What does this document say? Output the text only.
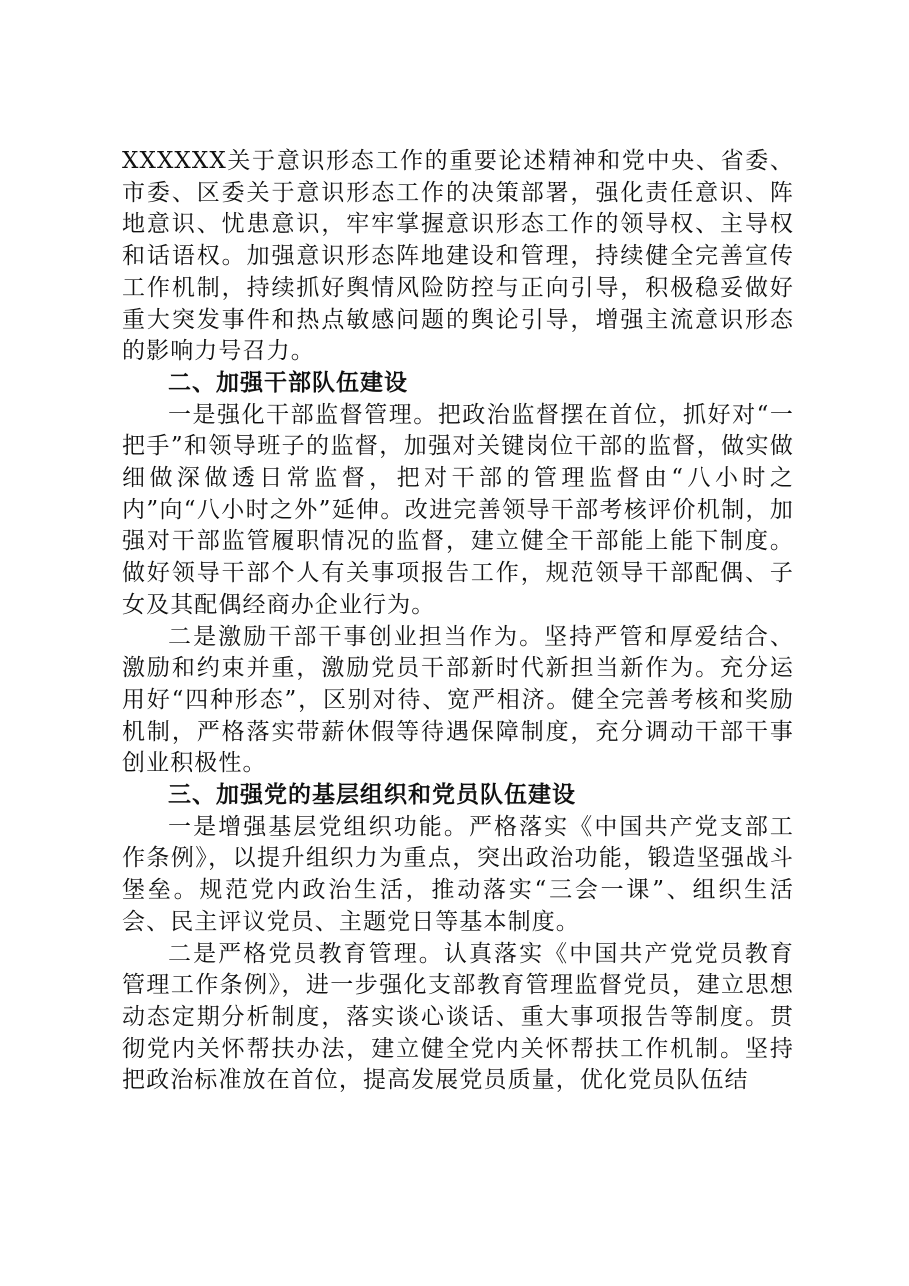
XXXXXX关于意识形态工作的重要论述精神和党中央、省委、市委、区委关于意识形态工作的决策部署，强化责任意识、阵地意识、忧患意识，牢牢掌握意识形态工作的领导权、主导权和话语权。加强意识形态阵地建设和管理，持续健全完善宣传工作机制，持续抓好舆情风险防控与正向引导，积极稳妥做好重大突发事件和热点敏感问题的舆论引导，增强主流意识形态的影响力号召力。

二、加强干部队伍建设

一是强化干部监督管理。把政治监督摆在首位，抓好对“一把手”和领导班子的监督，加强对关键岗位干部的监督，做实做细做深做透日常监督，把对干部的管理监督由“八小时之内”向“八小时之外”延伸。改进完善领导干部考核评价机制，加强对干部监管履职情况的监督，建立健全干部能上能下制度。做好领导干部个人有关事项报告工作，规范领导干部配偶、子女及其配偶经商办企业行为。

二是激励干部干事创业担当作为。坚持严管和厚爱结合、激励和约束并重，激励党员干部新时代新担当新作为。充分运用好“四种形态”，区别对待、宽严相济。健全完善考核和奖励机制，严格落实带薪休假等待遇保障制度，充分调动干部干事创业积极性。

三、加强党的基层组织和党员队伍建设

一是增强基层党组织功能。严格落实《中国共产党支部工作条例》，以提升组织力为重点，突出政治功能，锻造坚强战斗堡垒。规范党内政治生活，推动落实“三会一课”、组织生活会、民主评议党员、主题党日等基本制度。

二是严格党员教育管理。认真落实《中国共产党党员教育管理工作条例》，进一步强化支部教育管理监督党员，建立思想动态定期分析制度，落实谈心谈话、重大事项报告等制度。贯彻党内关怀帮扶办法，建立健全党内关怀帮扶工作机制。坚持把政治标准放在首位，提高发展党员质量，优化党员队伍结
